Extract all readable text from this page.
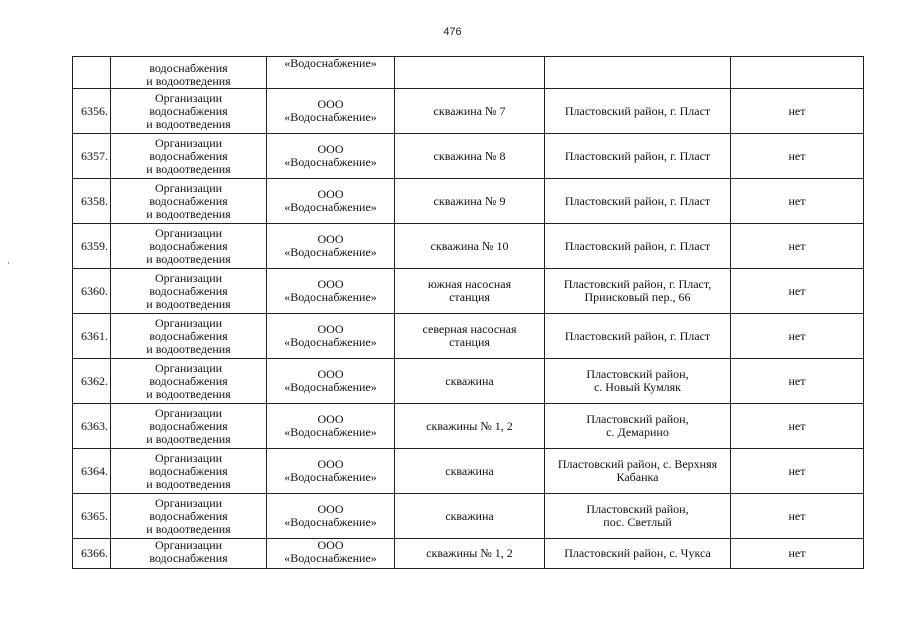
476

	водоснабжения
и водоотведения	«Водоснабжение»			

6356.	Организации
водоснабжения
и водоотведения	ООО
«Водоснабжение»	скважина № 7	Пластовский район, г. Пласт	нет
6357.	Организации
водоснабжения
и водоотведения	ООО
«Водоснабжение»	скважина № 8	Пластовский район, г. Пласт	нет
6358.	Организации
водоснабжения
и водоотведения	ООО
«Водоснабжение»	скважина № 9	Пластовский район, г. Пласт	нет
6359.	Организации
водоснабжения
и водоотведения	ООО
«Водоснабжение»	скважина № 10	Пластовский район, г. Пласт	нет
6360.	Организации
водоснабжения
и водоотведения	ООО
«Водоснабжение»	южная насосная
станция	Пластовский район, г. Пласт,
Приисковый пер., 66	нет
6361.	Организации
водоснабжения
и водоотведения	ООО
«Водоснабжение»	северная насосная
станция	Пластовский район, г. Пласт	нет
6362.	Организации
водоснабжения
и водоотведения	ООО
«Водоснабжение»	скважина	Пластовский район,
с. Новый Кумляк	нет
6363.	Организации
водоснабжения
и водоотведения	ООО
«Водоснабжение»	скважины № 1, 2	Пластовский район,
с. Демарино	нет
6364.	Организации
водоснабжения
и водоотведения	ООО
«Водоснабжение»	скважина	Пластовский район, с. Верхняя
Кабанка	нет
6365.	Организации
водоснабжения
и водоотведения	ООО
«Водоснабжение»	скважина	Пластовский район,
пос. Светлый	нет
6366.	Организации
водоснабжения	ООО
«Водоснабжение»	скважины № 1, 2	Пластовский район, с. Чукса	нет
